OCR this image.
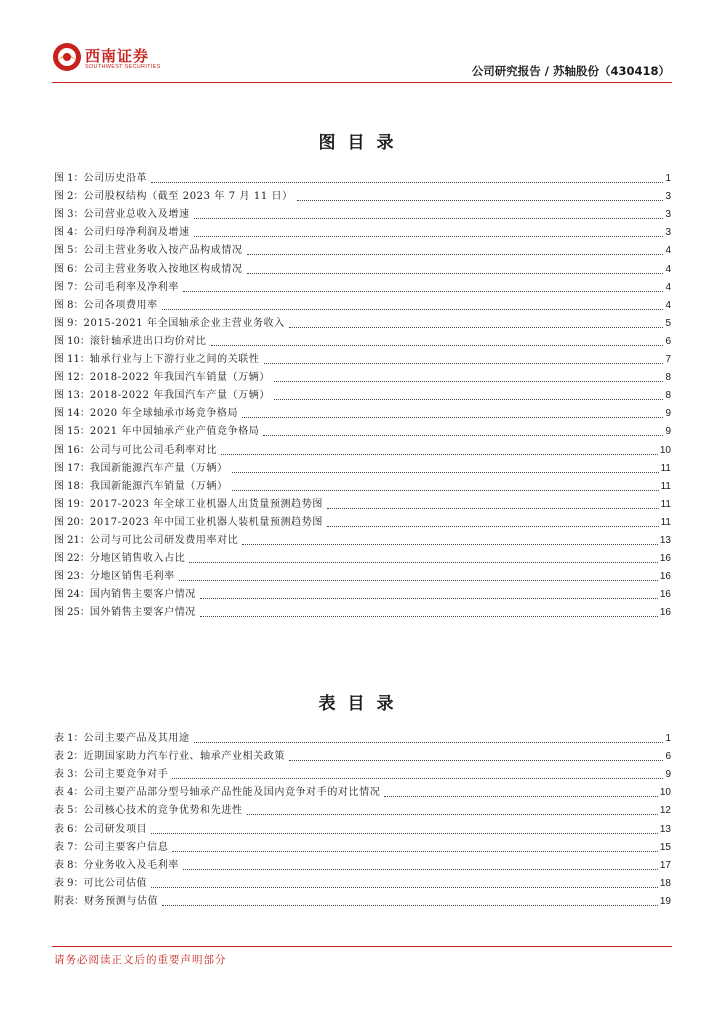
西南证券
SOUTHWEST SECURITIES	公司研究报告 / 苏轴股份（430418）
图目录
图 1： 公司历史沿革	1
图 2： 公司股权结构（截至 2023 年 7 月 11 日）	3
图 3： 公司营业总收入及增速	3
图 4： 公司归母净利润及增速	3
图 5： 公司主营业务收入按产品构成情况	4
图 6： 公司主营业务收入按地区构成情况	4
图 7： 公司毛利率及净利率	4
图 8： 公司各项费用率	4
图 9： 2015-2021 年全国轴承企业主营业务收入	5
图 10： 滚针轴承进出口均价对比	6
图 11： 轴承行业与上下游行业之间的关联性	7
图 12： 2018-2022 年我国汽车销量（万辆）	8
图 13： 2018-2022 年我国汽车产量（万辆）	8
图 14： 2020 年全球轴承市场竞争格局	9
图 15： 2021 年中国轴承产业产值竞争格局	9
图 16： 公司与可比公司毛利率对比	10
图 17： 我国新能源汽车产量（万辆）	11
图 18： 我国新能源汽车销量（万辆）	11
图 19： 2017-2023 年全球工业机器人出货量预测趋势图	11
图 20： 2017-2023 年中国工业机器人装机量预测趋势图	11
图 21： 公司与可比公司研发费用率对比	13
图 22： 分地区销售收入占比	16
图 23： 分地区销售毛利率	16
图 24： 国内销售主要客户情况	16
图 25： 国外销售主要客户情况	16
表目录
表 1： 公司主要产品及其用途	1
表 2： 近期国家助力汽车行业、轴承产业相关政策	6
表 3： 公司主要竞争对手	9
表 4： 公司主要产品部分型号轴承产品性能及国内竞争对手的对比情况	10
表 5： 公司核心技术的竞争优势和先进性	12
表 6： 公司研发项目	13
表 7： 公司主要客户信息	15
表 8： 分业务收入及毛利率	17
表 9： 可比公司估值	18
附表： 财务预测与估值	19
请务必阅读正文后的重要声明部分
